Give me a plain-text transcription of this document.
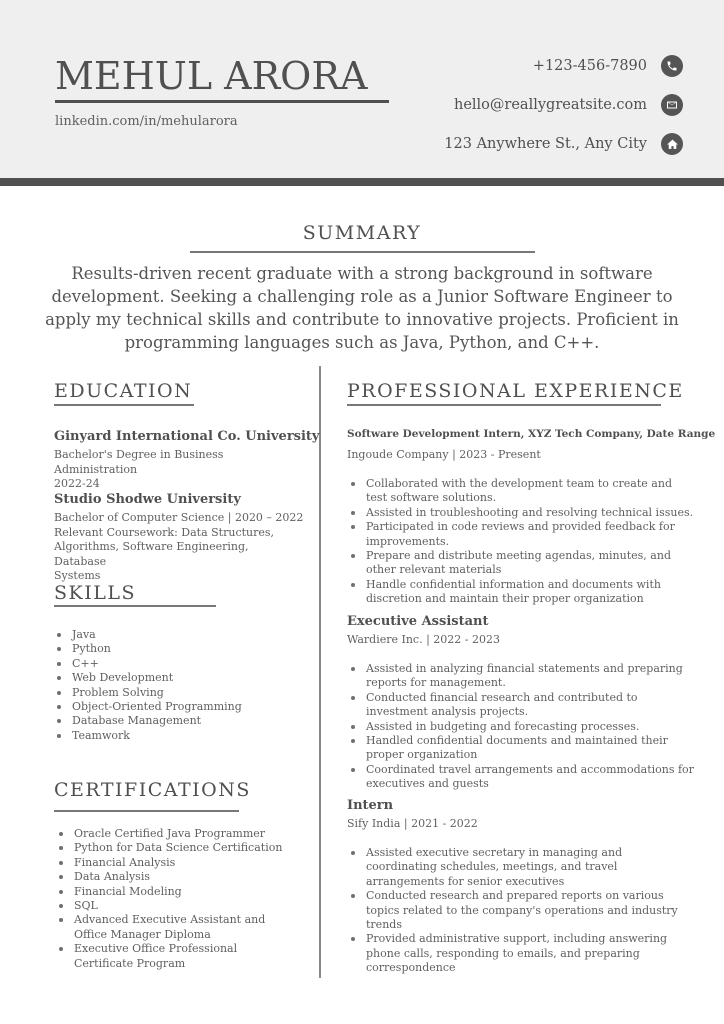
MEHUL ARORA
linkedin.com/in/mehularora
+123-456-7890
hello@reallygreatsite.com
123 Anywhere St., Any City
SUMMARY
Results-driven recent graduate with a strong background in software development. Seeking a challenging role as a Junior Software Engineer to apply my technical skills and contribute to innovative projects. Proficient in programming languages such as Java, Python, and C++.
EDUCATION
Ginyard International Co. University
Bachelor's Degree in Business Administration
2022-24
Studio Shodwe University
Bachelor of Computer Science | 2020 – 2022
Relevant Coursework: Data Structures,
Algorithms, Software Engineering, Database
Systems
SKILLS
Java
Python
C++
Web Development
Problem Solving
Object-Oriented Programming
Database Management
Teamwork
CERTIFICATIONS
Oracle Certified Java Programmer
Python for Data Science Certification
Financial Analysis
Data Analysis
Financial Modeling
SQL
Advanced Executive Assistant and Office Manager Diploma
Executive Office Professional Certificate Program
PROFESSIONAL EXPERIENCE
Software Development Intern, XYZ Tech Company, Date Range
Ingoude Company | 2023 - Present
Collaborated with the development team to create and test software solutions.
Assisted in troubleshooting and resolving technical issues.
Participated in code reviews and provided feedback for improvements.
Prepare and distribute meeting agendas, minutes, and other relevant materials
Handle confidential information and documents with discretion and maintain their proper organization
Executive Assistant
Wardiere Inc. | 2022 - 2023
Assisted in analyzing financial statements and preparing reports for management.
Conducted financial research and contributed to investment analysis projects.
Assisted in budgeting and forecasting processes.
Handled confidential documents and maintained their proper organization
Coordinated travel arrangements and accommodations for executives and guests
Intern
Sify India | 2021 - 2022
Assisted executive secretary in managing and coordinating schedules, meetings, and travel arrangements for senior executives
Conducted research and prepared reports on various topics related to the company's operations and industry trends
Provided administrative support, including answering phone calls, responding to emails, and preparing correspondence
